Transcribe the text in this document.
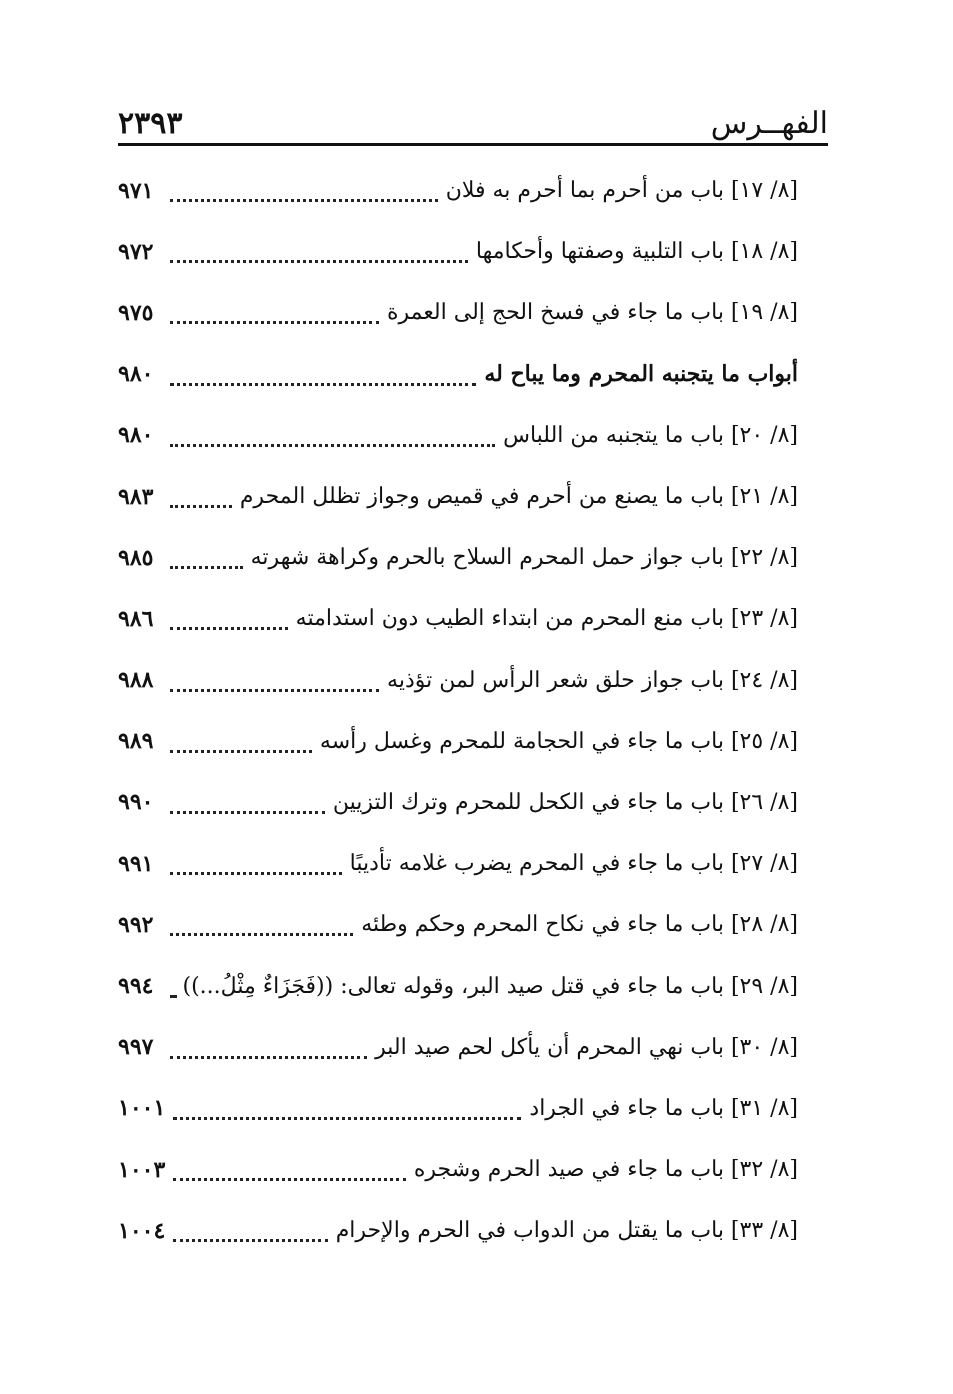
الفهــرس
٢٣٩٣
٩٧١	[٨/ ١٧] باب من أحرم بما أحرم به فلان
٩٧٢	[٨/ ١٨] باب التلبية وصفتها وأحكامها
٩٧٥	[٨/ ١٩] باب ما جاء في فسخ الحج إلى العمرة
٩٨٠	أبواب ما يتجنبه المحرم وما يباح له
٩٨٠	[٨/ ٢٠] باب ما يتجنبه من اللباس
٩٨٣	[٨/ ٢١] باب ما يصنع من أحرم في قميص وجواز تظلل المحرم
٩٨٥	[٨/ ٢٢] باب جواز حمل المحرم السلاح بالحرم وكراهة شهرته
٩٨٦	[٨/ ٢٣] باب منع المحرم من ابتداء الطيب دون استدامته
٩٨٨	[٨/ ٢٤] باب جواز حلق شعر الرأس لمن تؤذيه
٩٨٩	[٨/ ٢٥] باب ما جاء في الحجامة للمحرم وغسل رأسه
٩٩٠	[٨/ ٢٦] باب ما جاء في الكحل للمحرم وترك التزيين
٩٩١	[٨/ ٢٧] باب ما جاء في المحرم يضرب غلامه تأديبًا
٩٩٢	[٨/ ٢٨] باب ما جاء في نكاح المحرم وحكم وطئه
٩٩٤	[٨/ ٢٩] باب ما جاء في قتل صيد البر، وقوله تعالى: ((فَجَزَاءٌ مِثْلُ...))
٩٩٧	[٨/ ٣٠] باب نهي المحرم أن يأكل لحم صيد البر
١٠٠١	[٨/ ٣١] باب ما جاء في الجراد
١٠٠٣	[٨/ ٣٢] باب ما جاء في صيد الحرم وشجره
١٠٠٤	[٨/ ٣٣] باب ما يقتل من الدواب في الحرم والإحرام
